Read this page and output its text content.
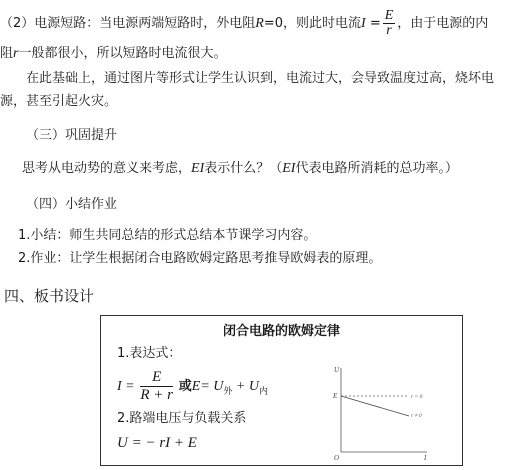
（2）电源短路：当电源两端短路时，外电阻R=0，则此时电流$I = \frac{E}{r}$ ，由于电源的内
阻r一般都很小，所以短路时电流很大。
在此基础上，通过图片等形式让学生认识到，电流过大，会导致温度过高，烧坏电
源，甚至引起火灾。
（三）巩固提升
思考从电动势的意义来考虑，EI表示什么？（EI代表电路所消耗的总功率。）
（四）小结作业
1.小结：师生共同总结的形式总结本节课学习内容。
2.作业：让学生根据闭合电路欧姆定路思考推导欧姆表的原理。
四、板书设计
闭合电路的欧姆定律
1.表达式：
$I = \frac{E}{R + r}$ 或$E= U_外 + U_内$
2.路端电压与负载关系
U = − rI + E
U
I
O
E	r = 0
r ≠ 0
